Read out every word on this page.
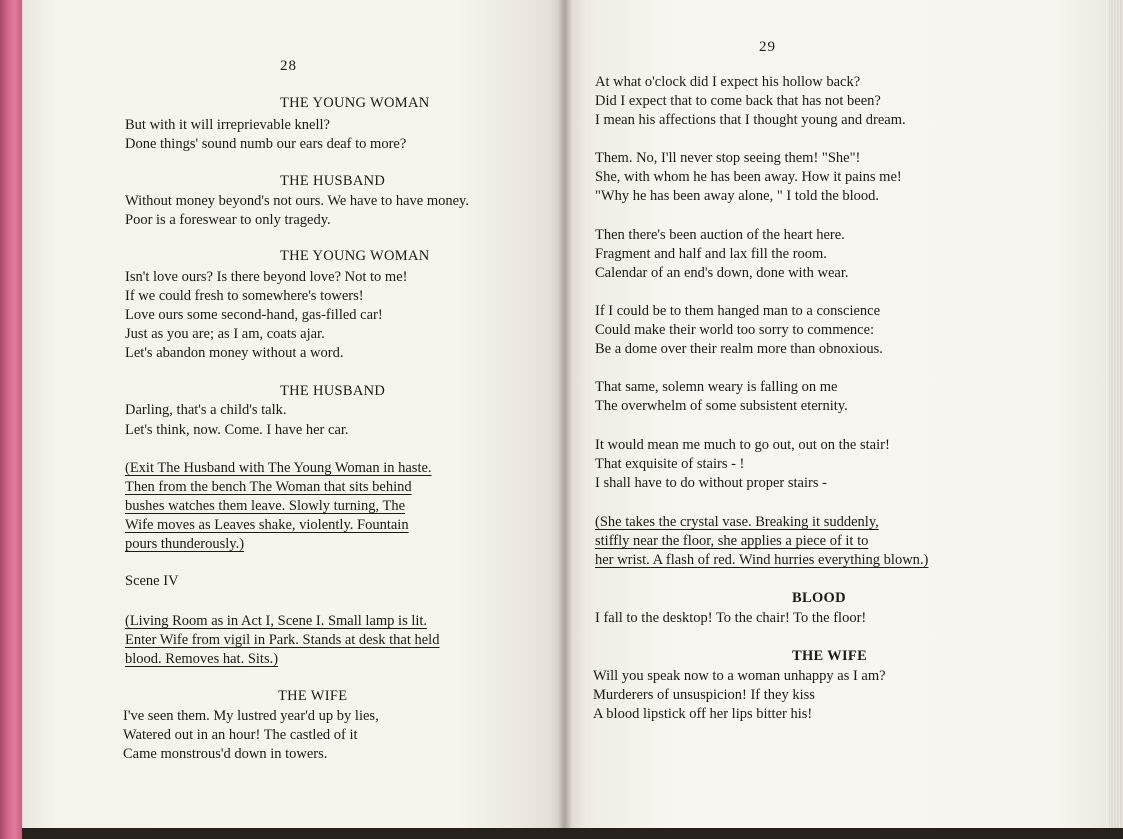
28
THE YOUNG WOMAN
But with it will irreprievable knell?
Done things' sound numb our ears deaf to more?
THE HUSBAND
Without money beyond's not ours. We have to have money.
Poor is a foreswear to only tragedy.
THE YOUNG WOMAN
Isn't love ours? Is there beyond love? Not to me!
If we could fresh to somewhere's towers!
Love ours some second-hand, gas-filled car!
Just as you are; as I am, coats ajar.
Let's abandon money without a word.
THE HUSBAND
Darling, that's a child's talk.
Let's think, now. Come. I have her car.
(Exit The Husband with The Young Woman in haste.
Then from the bench The Woman that sits behind
bushes watches them leave. Slowly turning, The
Wife moves as Leaves shake, violently. Fountain
pours thunderously.)
Scene IV
(Living Room as in Act I, Scene I. Small lamp is lit.
Enter Wife from vigil in Park. Stands at desk that held
blood. Removes hat. Sits.)
THE WIFE
I've seen them. My lustred year'd up by lies,
Watered out in an hour! The castled of it
Came monstrous'd down in towers.
29
At what o'clock did I expect his hollow back?
Did I expect that to come back that has not been?
I mean his affections that I thought young and dream.
Them. No, I'll never stop seeing them! "She"!
She, with whom he has been away. How it pains me!
"Why he has been away alone, " I told the blood.
Then there's been auction of the heart here.
Fragment and half and lax fill the room.
Calendar of an end's down, done with wear.
If I could be to them hanged man to a conscience
Could make their world too sorry to commence:
Be a dome over their realm more than obnoxious.
That same, solemn weary is falling on me
The overwhelm of some subsistent eternity.
It would mean me much to go out, out on the stair!
That exquisite of stairs - !
I shall have to do without proper stairs -
(She takes the crystal vase. Breaking it suddenly,
stiffly near the floor, she applies a piece of it to
her wrist. A flash of red. Wind hurries everything blown.)
BLOOD
I fall to the desktop! To the chair! To the floor!
THE WIFE
Will you speak now to a woman unhappy as I am?
Murderers of unsuspicion! If they kiss
A blood lipstick off her lips bitter his!
